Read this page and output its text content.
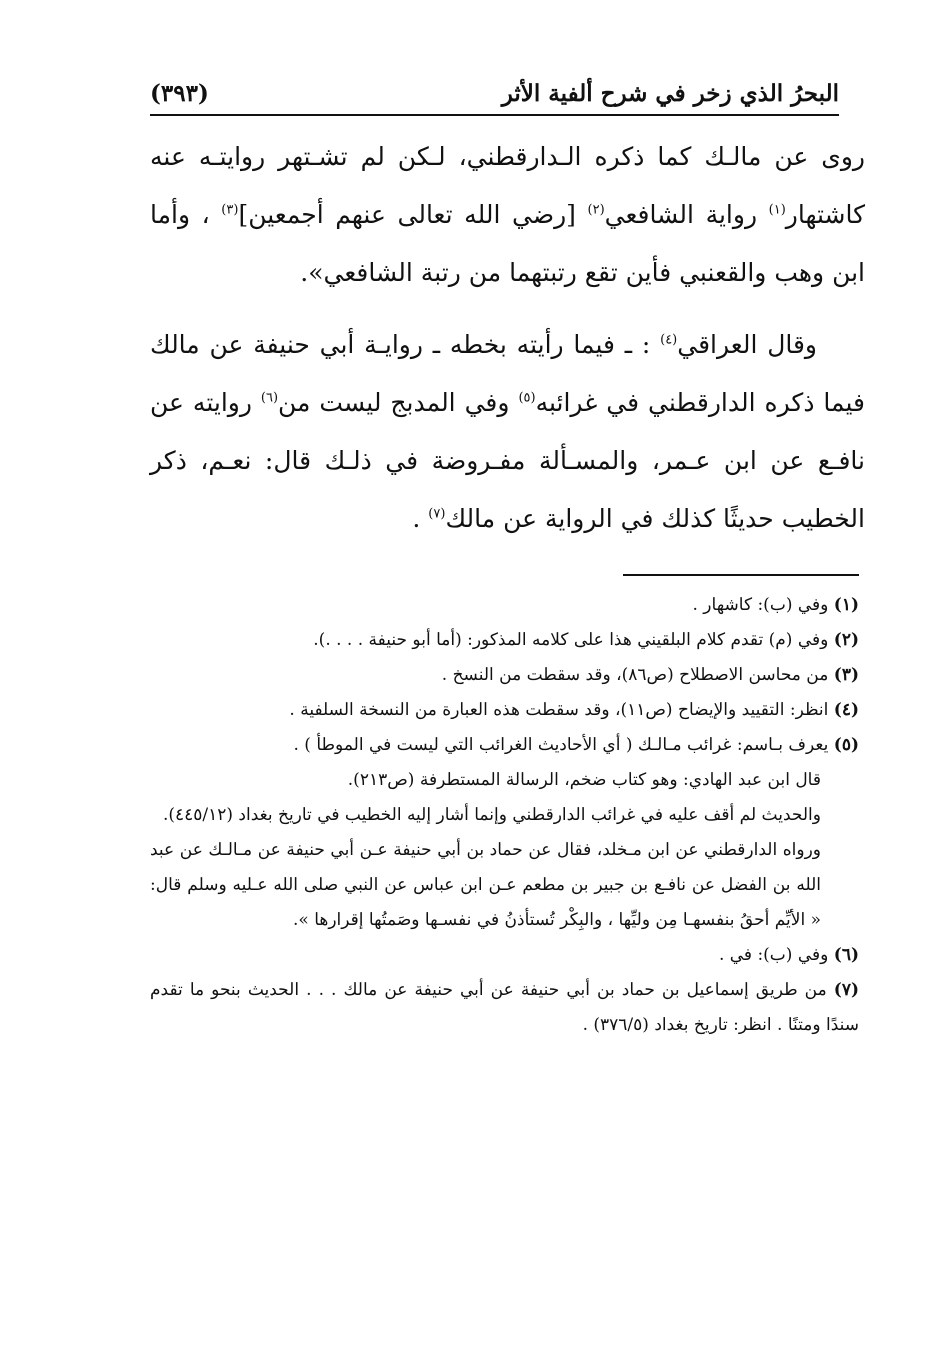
البحرُ الذي زخر في شرح ألفية الأثر
(٣٩٣)

روى عن مالـك كما ذكره الـدارقطني، لـكن لم تشـتهر روايتـه عنه كاشتهار$^{(١)}$ رواية الشافعي$^{(٢)}$ [رضي الله تعالى عنهم أجمعين]$^{(٣)}$ ، وأما ابن وهب والقعنبي فأين تقع رتبتهما من رتبة الشافعي».

وقال العراقي$^{(٤)}$ : ـ فيما رأيته بخطه ـ روايـة أبي حنيفة عن مالك فيما ذكره الدارقطني في غرائبه$^{(٥)}$ وفي المدبج ليست من$^{(٦)}$ روايته عن نافـع عن ابن عـمر، والمسـألة مفـروضة في ذلـك قال: نعـم، ذكر الخطيب حديثًا كذلك في الرواية عن مالك$^{(٧)}$ .

(١) وفي (ب): كاشهار .

(٢) وفي (م) تقدم كلام البلقيني هذا على كلامه المذكور: (أما أبو حنيفة . . . .).

(٣) من محاسن الاصطلاح (ص٨٦)، وقد سقطت من النسخ .

(٤) انظر: التقييد والإيضاح (ص١١)، وقد سقطت هذه العبارة من النسخة السلفية .

(٥) يعرف بـاسم: غرائب مـالـك ( أي الأحاديث الغرائب التي ليست في الموطأ ) .

قال ابن عبد الهادي: وهو كتاب ضخم، الرسالة المستطرفة (ص٢١٣).

والحديث لم أقف عليه في غرائب الدارقطني وإنما أشار إليه الخطيب في تاريخ بغداد (٤٤٥/١٢).

ورواه الدارقطني عن ابن مـخلد، فقال عن حماد بن أبي حنيفة عـن أبي حنيفة عن مـالـك عن عبد الله بن الفضل عن نافـع بن جبير بن مطعم عـن ابن عباس عن النبي صلى الله عـليه وسلم قال: « الأيِّم أحقُ بنفسهـا مِن وليِّها ، والبِكْر تُستأذنُ في نفسـها وصَمتُها إقرارها ».

(٦) وفي (ب): في .

(٧) من طريق إسماعيل بن حماد بن أبي حنيفة عن أبي حنيفة عن مالك . . . الحديث بنحو ما تقدم سندًا ومتنًا . انظر: تاريخ بغداد (٣٧٦/٥) .
